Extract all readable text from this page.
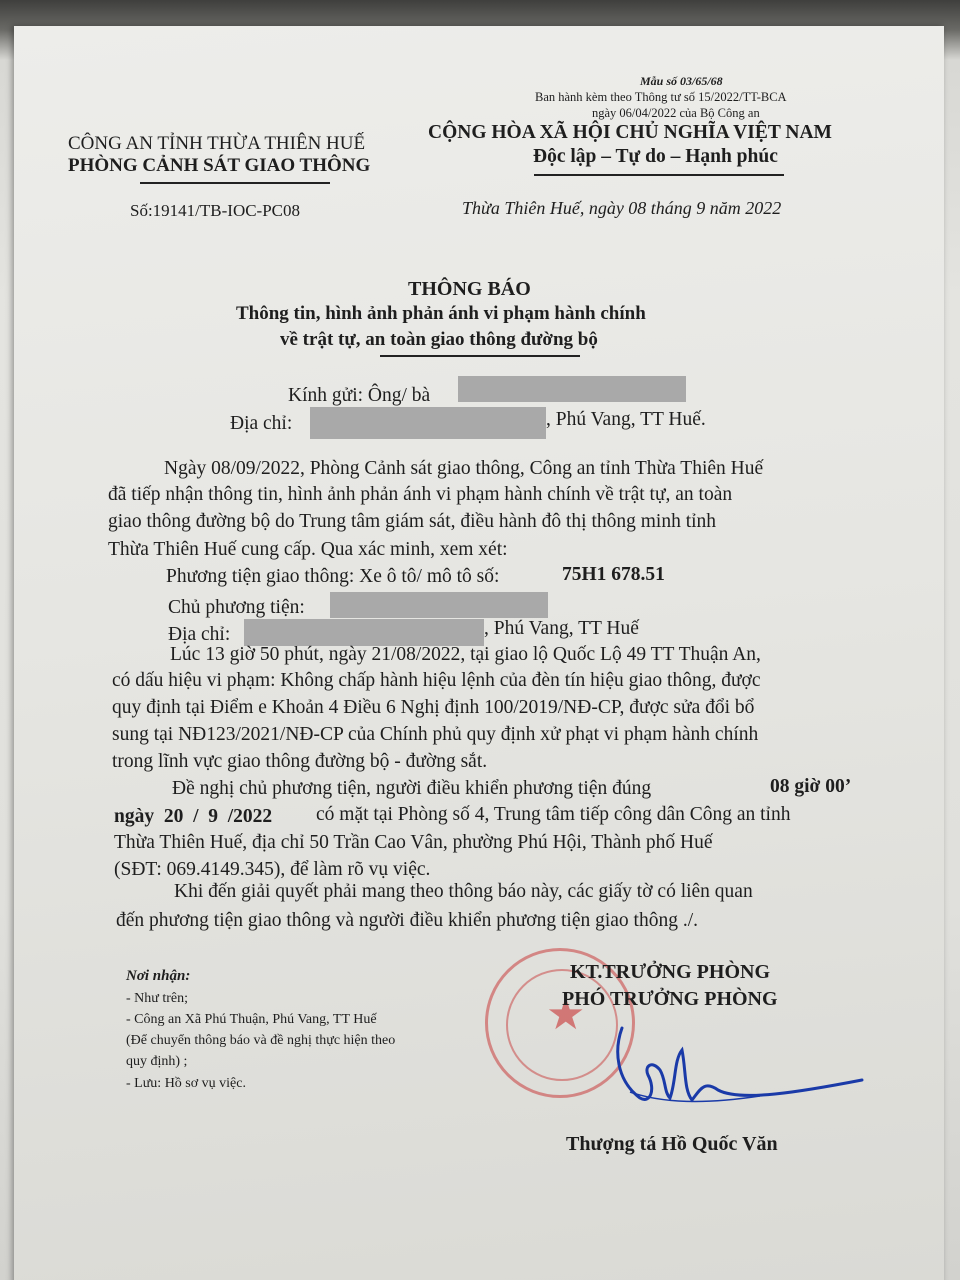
Mẫu số 03/65/68
Ban hành kèm theo Thông tư số 15/2022/TT-BCA
ngày 06/04/2022 của Bộ Công an
CÔNG AN TỈNH THỪA THIÊN HUẾ
PHÒNG CẢNH SÁT GIAO THÔNG
Số:19141/TB-IOC-PC08
CỘNG HÒA XÃ HỘI CHỦ NGHĨA VIỆT NAM
Độc lập – Tự do – Hạnh phúc
Thừa Thiên Huế, ngày 08 tháng 9 năm 2022
THÔNG BÁO
Thông tin, hình ảnh phản ánh vi phạm hành chính
về trật tự, an toàn giao thông đường bộ
Kính gửi: Ông/ bà
Địa chỉ:	, Phú Vang, TT Huế.
Ngày 08/09/2022, Phòng Cảnh sát giao thông, Công an tỉnh Thừa Thiên Huế
đã tiếp nhận thông tin, hình ảnh phản ánh vi phạm hành chính về trật tự, an toàn
giao thông đường bộ do Trung tâm giám sát, điều hành đô thị thông minh tỉnh
Thừa Thiên Huế cung cấp. Qua xác minh, xem xét:
Phương tiện giao thông: Xe ô tô/ mô tô số:	75H1 678.51
Chủ phương tiện:
Địa chỉ:	, Phú Vang, TT Huế
Lúc 13 giờ 50 phút, ngày 21/08/2022, tại giao lộ Quốc Lộ 49 TT Thuận An,
có dấu hiệu vi phạm: Không chấp hành hiệu lệnh của đèn tín hiệu giao thông, được
quy định tại Điểm e Khoản 4 Điều 6 Nghị định 100/2019/NĐ-CP, được sửa đổi bổ
sung tại NĐ123/2021/NĐ-CP của Chính phủ quy định xử phạt vi phạm hành chính
trong lĩnh vực giao thông đường bộ - đường sắt.
Đề nghị chủ phương tiện, người điều khiển phương tiện đúng	08 giờ 00’
ngày  20  /  9  /2022 có mặt tại Phòng số 4, Trung tâm tiếp công dân Công an tỉnh
Thừa Thiên Huế, địa chỉ 50 Trần Cao Vân, phường Phú Hội, Thành phố Huế
(SĐT: 069.4149.345), để làm rõ vụ việc.
Khi đến giải quyết phải mang theo thông báo này, các giấy tờ có liên quan
đến phương tiện giao thông và người điều khiển phương tiện giao thông ./.
Nơi nhận:
- Như trên;
- Công an Xã Phú Thuận, Phú Vang, TT Huế
(Để chuyển thông báo và đề nghị thực hiện theo
quy định) ;
- Lưu: Hồ sơ vụ việc.
★
KT.TRƯỞNG PHÒNG
PHÓ TRƯỞNG PHÒNG
Thượng tá Hồ Quốc Văn
